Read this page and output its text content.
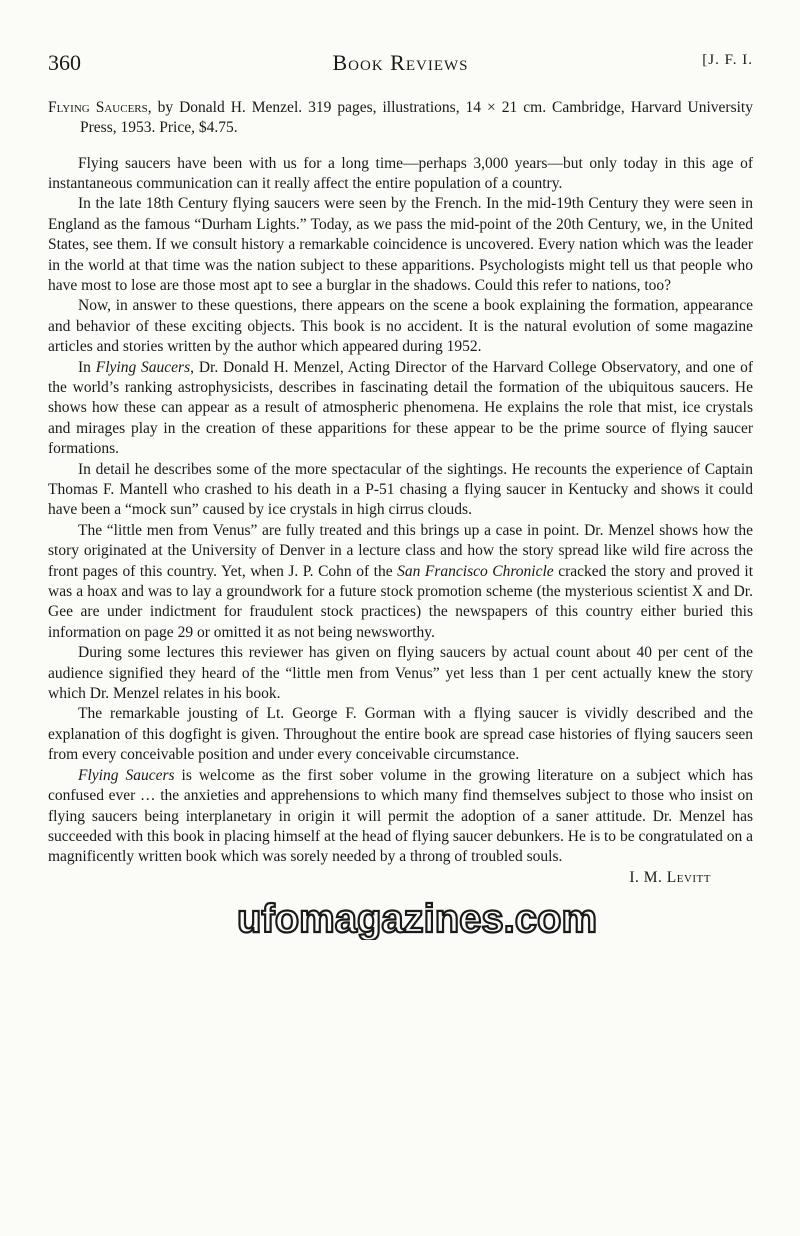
360	Book Reviews	[J. F. I.

Flying Saucers, by Donald H. Menzel. 319 pages, illustrations, 14 × 21 cm. Cambridge, Harvard University Press, 1953. Price, $4.75.

Flying saucers have been with us for a long time—perhaps 3,000 years—but only today in this age of instantaneous communication can it really affect the entire population of a country.

In the late 18th Century flying saucers were seen by the French. In the mid-19th Century they were seen in England as the famous “Durham Lights.” Today, as we pass the mid-point of the 20th Century, we, in the United States, see them. If we consult history a remarkable coincidence is uncovered. Every nation which was the leader in the world at that time was the nation subject to these apparitions. Psychologists might tell us that people who have most to lose are those most apt to see a burglar in the shadows. Could this refer to nations, too?

Now, in answer to these questions, there appears on the scene a book explaining the formation, appearance and behavior of these exciting objects. This book is no accident. It is the natural evolution of some magazine articles and stories written by the author which appeared during 1952.

In Flying Saucers, Dr. Donald H. Menzel, Acting Director of the Harvard College Observatory, and one of the world’s ranking astrophysicists, describes in fascinating detail the formation of the ubiquitous saucers. He shows how these can appear as a result of atmospheric phenomena. He explains the role that mist, ice crystals and mirages play in the creation of these apparitions for these appear to be the prime source of flying saucer formations.

In detail he describes some of the more spectacular of the sightings. He recounts the experience of Captain Thomas F. Mantell who crashed to his death in a P-51 chasing a flying saucer in Kentucky and shows it could have been a “mock sun” caused by ice crystals in high cirrus clouds.

The “little men from Venus” are fully treated and this brings up a case in point. Dr. Menzel shows how the story originated at the University of Denver in a lecture class and how the story spread like wild fire across the front pages of this country. Yet, when J. P. Cohn of the San Francisco Chronicle cracked the story and proved it was a hoax and was to lay a groundwork for a future stock promotion scheme (the mysterious scientist X and Dr. Gee are under indictment for fraudulent stock practices) the newspapers of this country either buried this information on page 29 or omitted it as not being newsworthy.

During some lectures this reviewer has given on flying saucers by actual count about 40 per cent of the audience signified they heard of the “little men from Venus” yet less than 1 per cent actually knew the story which Dr. Menzel relates in his book.

The remarkable jousting of Lt. George F. Gorman with a flying saucer is vividly described and the explanation of this dogfight is given. Throughout the entire book are spread case histories of flying saucers seen from every conceivable position and under every conceivable circumstance.

Flying Saucers is welcome as the first sober volume in the growing literature on a subject which has confused ever … the anxieties and apprehensions to which many find themselves subject to those who insist on flying saucers being interplanetary in origin it will permit the adoption of a saner attitude. Dr. Menzel has succeeded with this book in placing himself at the head of flying saucer debunkers. He is to be congratulated on a magnificently written book which was sorely needed by a throng of troubled souls.

I. M. Levitt

ufomagazines.com
